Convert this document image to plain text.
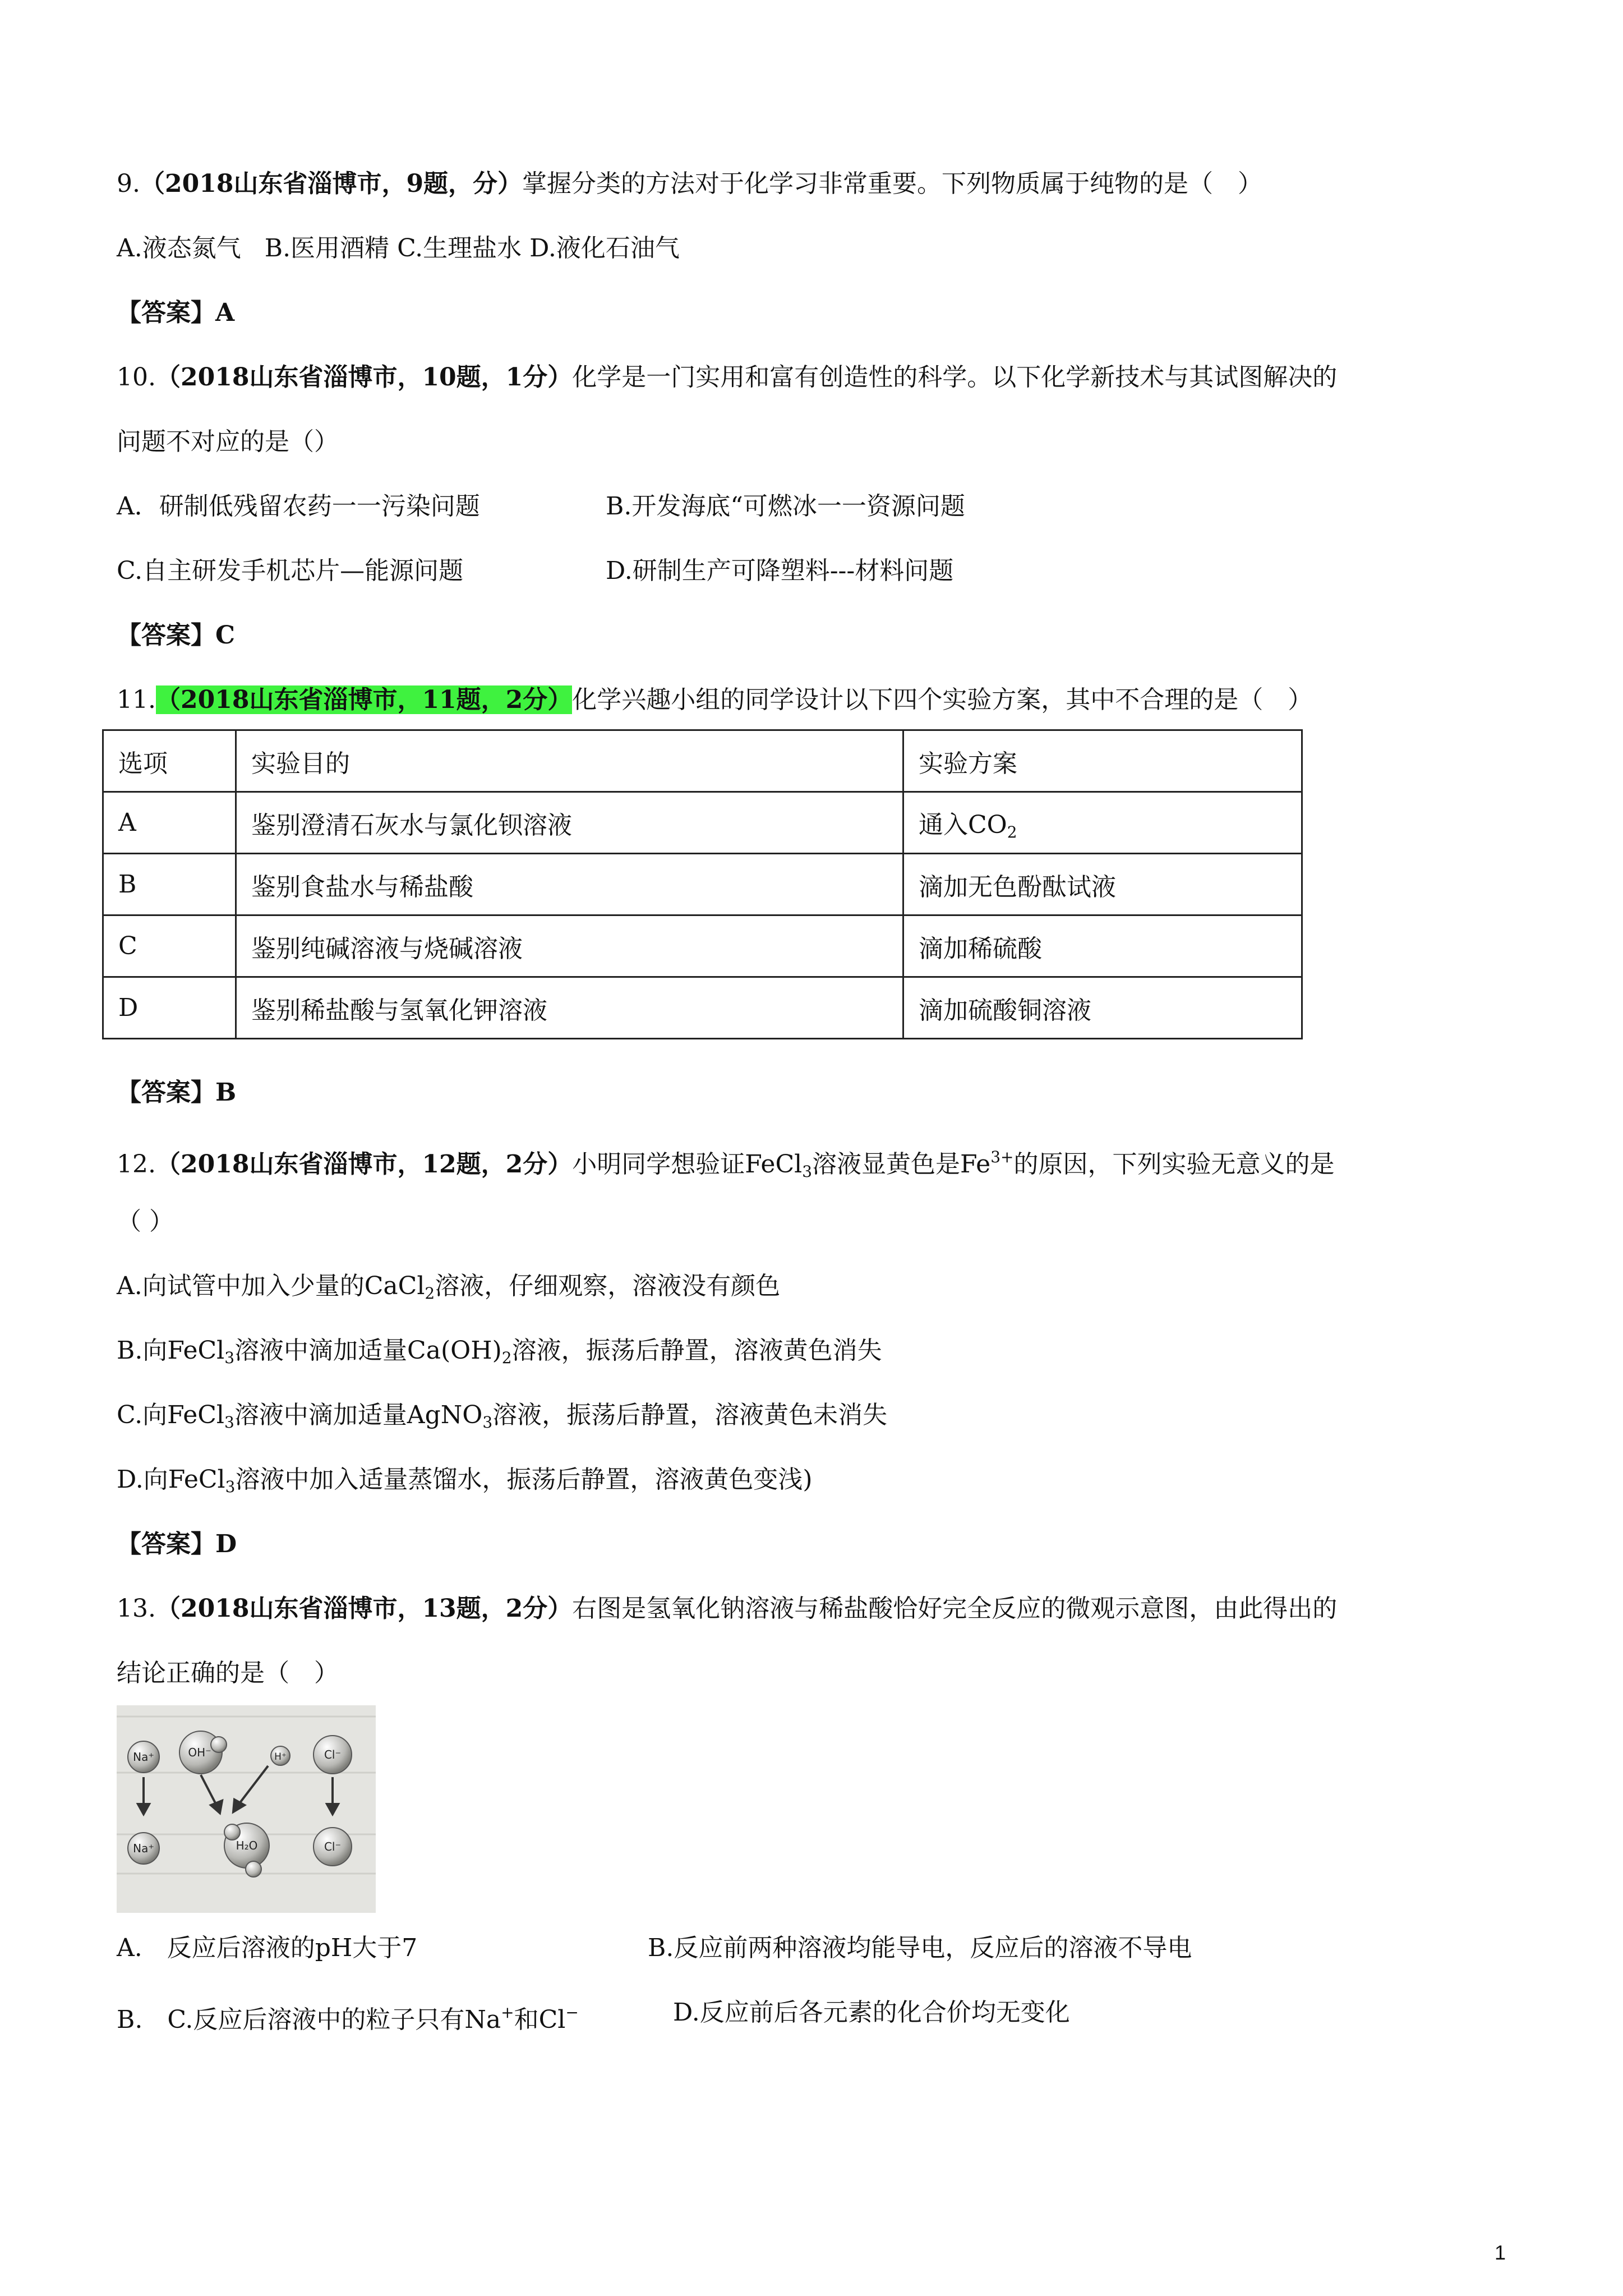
9.（2018山东省淄博市，9题，分）掌握分类的方法对于化学习非常重要。下列物质属于纯物的是（　）
A.液态氮气 B.医用酒精 C.生理盐水 D.液化石油气
【答案】A
10.（2018山东省淄博市，10题，1分）化学是一门实用和富有创造性的科学。以下化学新技术与其试图解决的
问题不对应的是（）
A．研制低残留农药一一污染问题	B.开发海底“可燃冰一一资源问题
C.自主研发手机芯片—能源问题	D.研制生产可降塑料---材料问题
【答案】C
11.（2018山东省淄博市，11题，2分）化学兴趣小组的同学设计以下四个实验方案，其中不合理的是（　）
选项	实验目的	实验方案
A	鉴别澄清石灰水与氯化钡溶液	通入$CO_2$
B	鉴别食盐水与稀盐酸	滴加无色酚酞试液
C	鉴别纯碱溶液与烧碱溶液	滴加稀硫酸
D	鉴别稀盐酸与氢氧化钾溶液	滴加硫酸铜溶液
【答案】B
12.（2018山东省淄博市，12题，2分）小明同学想验证FeCl$_3$溶液显黄色是$Fe^{3+}$的原因，下列实验无意义的是
（ ）
A.向试管中加入少量的CaCl$_2$溶液，仔细观察，溶液没有颜色
B.向FeCl$_3$溶液中滴加适量$Ca(OH)_2$溶液，振荡后静置，溶液黄色消失
C.向FeCl$_3$溶液中滴加适量AgNO$_3$溶液，振荡后静置，溶液黄色未消失
D.向FeCl$_3$溶液中加入适量蒸馏水，振荡后静置，溶液黄色变浅)
【答案】D
13.（2018山东省淄博市，13题，2分）右图是氢氧化钠溶液与稀盐酸恰好完全反应的微观示意图，由此得出的
结论正确的是（　）
Na⁺	OH⁻	H⁺	Cl⁻
Na⁺	H₂O	Cl⁻
A.　反应后溶液的pH大于7	B.反应前两种溶液均能导电，反应后的溶液不导电
B.　C.反应后溶液中的粒子只有Na+和Cl−	D.反应前后各元素的化合价均无变化
1
